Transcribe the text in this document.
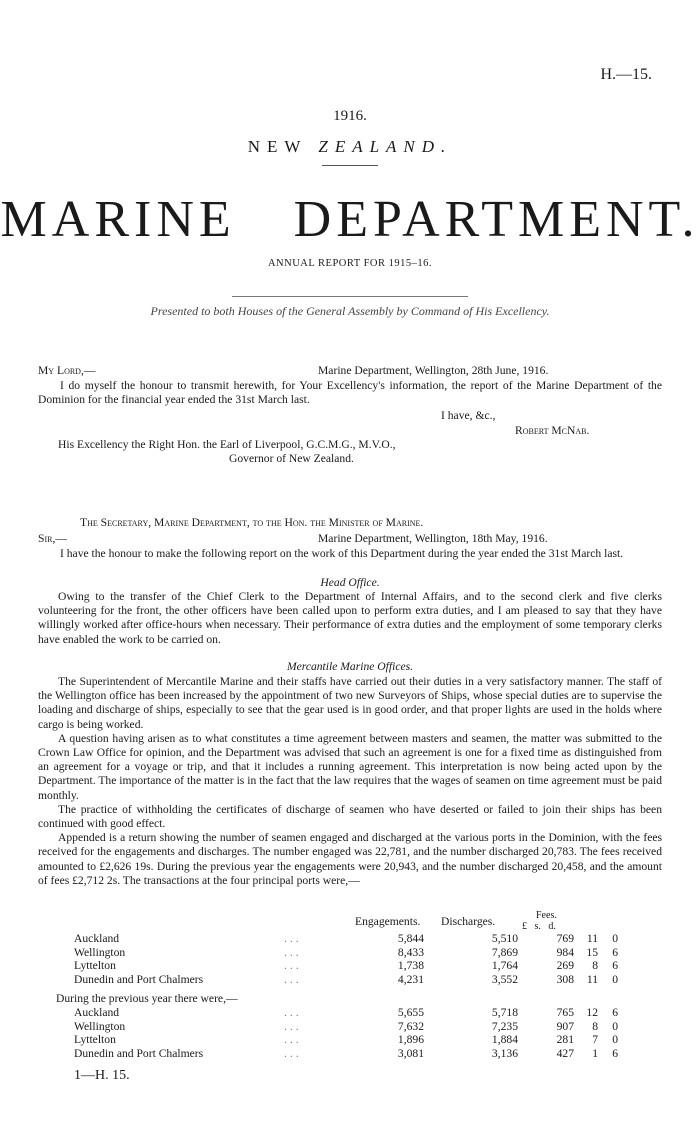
H.—15.
1916.
NEW ZEALAND.
MARINE DEPARTMENT.
ANNUAL REPORT FOR 1915–16.
Presented to both Houses of the General Assembly by Command of His Excellency.
My Lord,—	Marine Department, Wellington, 28th June, 1916.

I do myself the honour to transmit herewith, for Your Excellency's information, the report of the Marine Department of the Dominion for the financial year ended the 31st March last.

I have, &c.,
Robert McNab.
His Excellency the Right Hon. the Earl of Liverpool, G.C.M.G., M.V.O.,
Governor of New Zealand.
The Secretary, Marine Department, to the Hon. the Minister of Marine.
Sir,—	Marine Department, Wellington, 18th May, 1916.

I have the honour to make the following report on the work of this Department during the year ended the 31st March last.

Head Office.

Owing to the transfer of the Chief Clerk to the Department of Internal Affairs, and to the second clerk and five clerks volunteering for the front, the other officers have been called upon to perform extra duties, and I am pleased to say that they have willingly worked after office-hours when necessary. Their performance of extra duties and the employment of some temporary clerks have enabled the work to be carried on.

Mercantile Marine Offices.

The Superintendent of Mercantile Marine and their staffs have carried out their duties in a very satisfactory manner. The staff of the Wellington office has been increased by the appointment of two new Surveyors of Ships, whose special duties are to supervise the loading and discharge of ships, especially to see that the gear used is in good order, and that proper lights are used in the holds where cargo is being worked.

A question having arisen as to what constitutes a time agreement between masters and seamen, the matter was submitted to the Crown Law Office for opinion, and the Department was advised that such an agreement is one for a fixed time as distinguished from an agreement for a voyage or trip, and that it includes a running agreement. This interpretation is now being acted upon by the Department. The importance of the matter is in the fact that the law requires that the wages of seamen on time agreement must be paid monthly.

The practice of withholding the certificates of discharge of seamen who have deserted or failed to join their ships has been continued with good effect.

Appended is a return showing the number of seamen engaged and discharged at the various ports in the Dominion, with the fees received for the engagements and discharges. The number engaged was 22,781, and the number discharged 20,783. The fees received amounted to £2,626 19s. During the previous year the engagements were 20,943, and the number discharged 20,458, and the amount of fees £2,712 2s. The transactions at the four principal ports were,—

Engagements. Discharges.	Fees.
£ s. d.
Auckland	...	5,844	5,510	769	11	0
Wellington	...	8,433	7,869	984	15	6
Lyttelton	...	1,738	1,764	269	8	6
Dunedin and Port Chalmers	...	4,231	3,552	308	11	0
During the previous year there were,—
Auckland	...	5,655	5,718	765	12	6
Wellington	...	7,632	7,235	907	8	0
Lyttelton	...	1,896	1,884	281	7	0
Dunedin and Port Chalmers	...	3,081	3,136	427	1	6
1—H. 15.
